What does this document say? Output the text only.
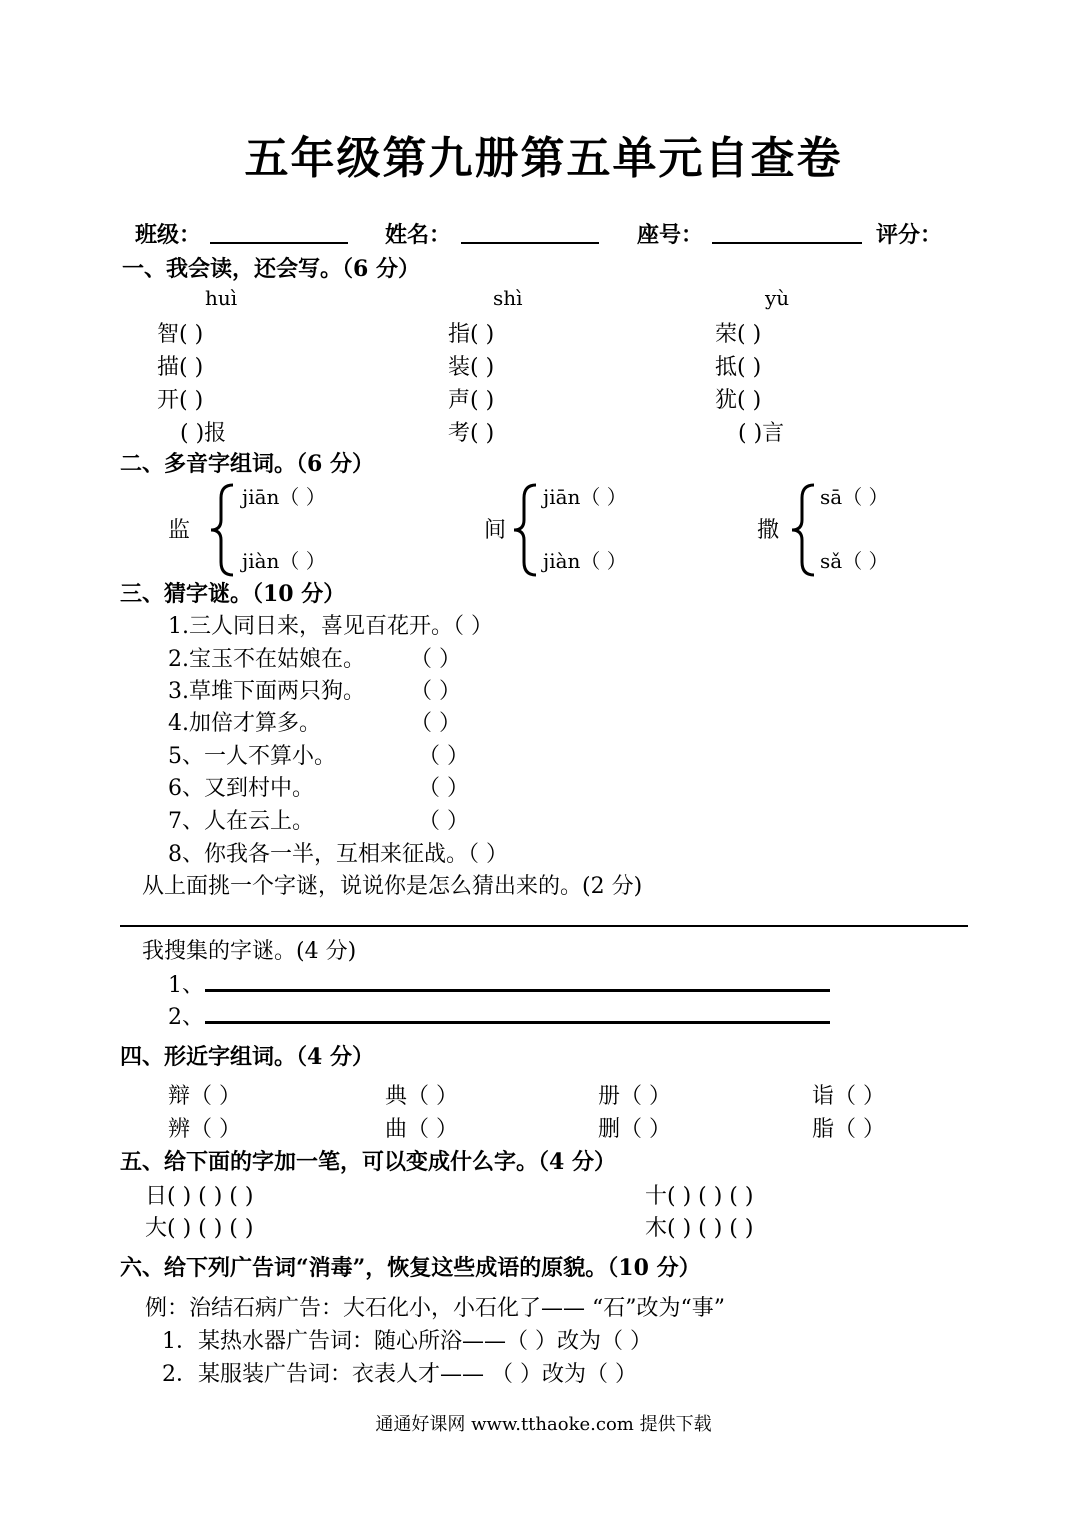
五年级第九册第五单元自查卷
班级：	姓名：	座号：	评分：
一、我会读，还会写。（6 分）
huì	shì	yù
智( )	指( )	荣( )
描( )	装( )	抵( )
开( )	声( )	犹( )
( )报	考( )	( )言
二、多音字组词。（6 分）
监
jiān（ ）
jiàn（ ）
间
jiān（ ）
jiàn（ ）
撒
sā（ ）
sǎ（ ）
三、猜字谜。（10 分）
1.三人同日来，喜见百花开。（ ）
2.宝玉不在姑娘在。 （ ）
3.草堆下面两只狗。 （ ）
4.加倍才算多。	（ ）
5、一人不算小。	（ ）
6、又到村中。	（ ）
7、人在云上。	（ ）
8、你我各一半，互相来征战。（ ）
从上面挑一个字谜，说说你是怎么猜出来的。(2 分)
我搜集的字谜。(4 分)
1、
2、
四、形近字组词。（4 分）
辩（ ）	典（ ）	册（ ）	诣（ ）
辨（ ）	曲（ ）	删（ ）	脂（ ）
五、给下面的字加一笔，可以变成什么字。（4 分）
日( ) ( ) ( )	十( ) ( ) ( )
大( ) ( ) ( )	木( ) ( ) ( )
六、给下列广告词“消毒”，恢复这些成语的原貌。（10 分）
例：治结石病广告：大石化小，小石化了—— “石”改为“事”
1．某热水器广告词：随心所浴——（ ）改为（ ）
2．某服装广告词：衣表人才—— （ ）改为（ ）
通通好课网 www.tthaoke.com 提供下载
